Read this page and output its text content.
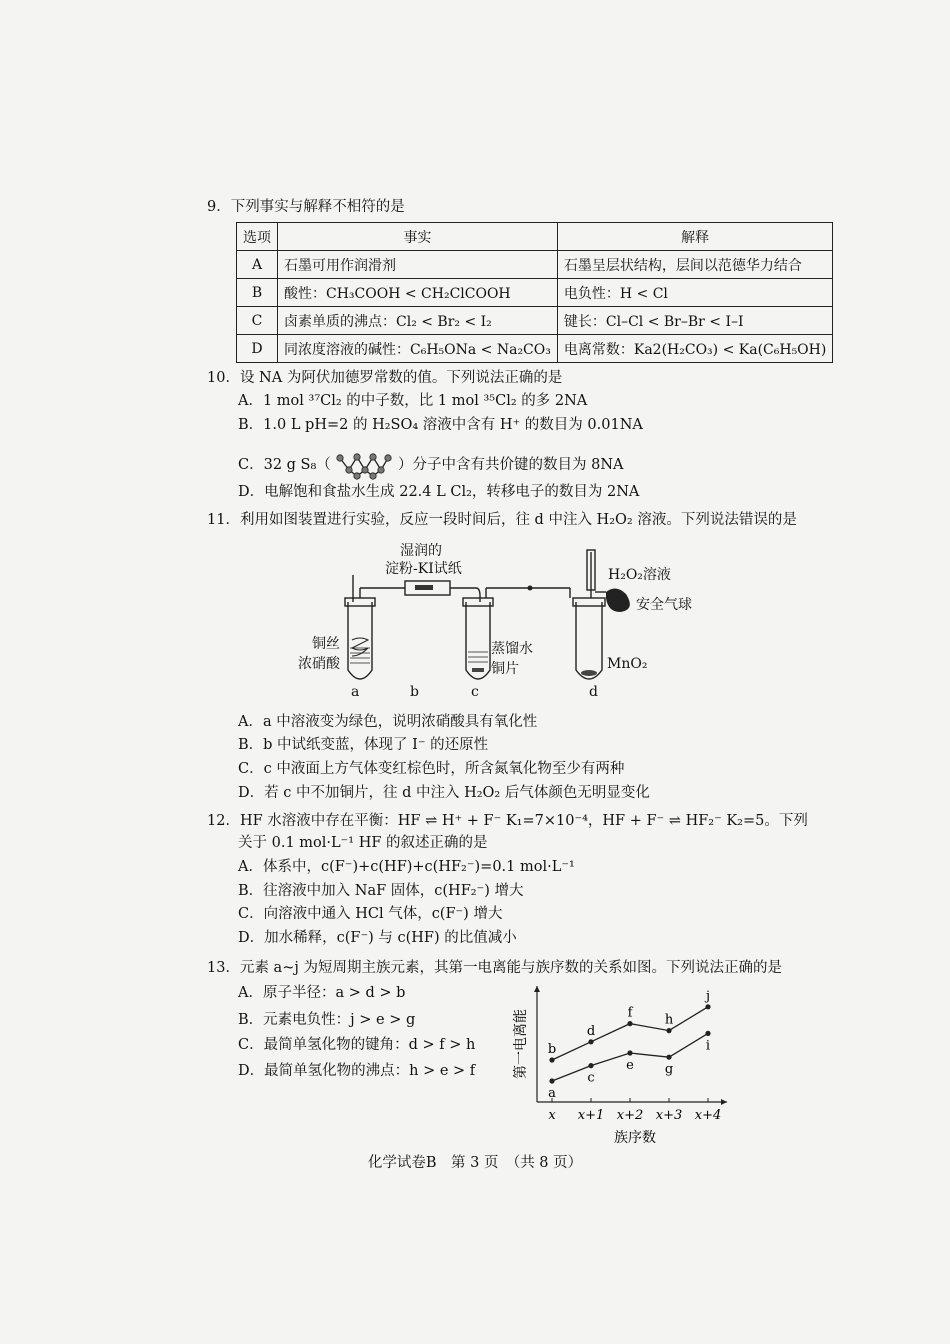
9．下列事实与解释不相符的是
选项	事实	解释
A	石墨可用作润滑剂	石墨呈层状结构，层间以范德华力结合
B	酸性：CH₃COOH < CH₂ClCOOH	电负性：H < Cl
C	卤素单质的沸点：Cl₂ < Br₂ < I₂	键长：Cl–Cl < Br–Br < I–I
D	同浓度溶液的碱性：C₆H₅ONa < Na₂CO₃	电离常数：Ka2(H₂CO₃) < Ka(C₆H₅OH)
10．设 NA 为阿伏加德罗常数的值。下列说法正确的是
A．1 mol ³⁷Cl₂ 的中子数，比 1 mol ³⁵Cl₂ 的多 2NA
B．1.0 L pH=2 的 H₂SO₄ 溶液中含有 H⁺ 的数目为 0.01NA
C．32 g S₈（	）分子中含有共价键的数目为 8NA
D．电解饱和食盐水生成 22.4 L Cl₂，转移电子的数目为 2NA
11．利用如图装置进行实验，反应一段时间后，往 d 中注入 H₂O₂ 溶液。下列说法错误的是
湿润的
淀粉-KI试纸	H₂O₂溶液
安全气球
铜丝
浓硝酸
蒸馏水
铜片	MnO₂
a	b	c	d
A．a 中溶液变为绿色，说明浓硝酸具有氧化性
B．b 中试纸变蓝，体现了 I⁻ 的还原性
C．c 中液面上方气体变红棕色时，所含氮氧化物至少有两种
D．若 c 中不加铜片，往 d 中注入 H₂O₂ 后气体颜色无明显变化
12．HF 水溶液中存在平衡：HF ⇌ H⁺ + F⁻ K₁=7×10⁻⁴，HF + F⁻ ⇌ HF₂⁻ K₂=5。下列
关于 0.1 mol·L⁻¹ HF 的叙述正确的是
A．体系中，c(F⁻)+c(HF)+c(HF₂⁻)=0.1 mol·L⁻¹
B．往溶液中加入 NaF 固体，c(HF₂⁻) 增大
C．向溶液中通入 HCl 气体，c(F⁻) 增大
D．加水稀释，c(F⁻) 与 c(HF) 的比值减小
13．元素 a~j 为短周期主族元素，其第一电离能与族序数的关系如图。下列说法正确的是
A．原子半径：a > d > b
B．元素电负性：j > e > g
C．最简单氢化物的键角：d > f > h
D．最简单氢化物的沸点：h > e > f	第一电离能
族序数
b
d
f h
j
a
c
e g
i
x x+1 x+2 x+3 x+4
化学试卷B　第 3 页　（共 8 页）
